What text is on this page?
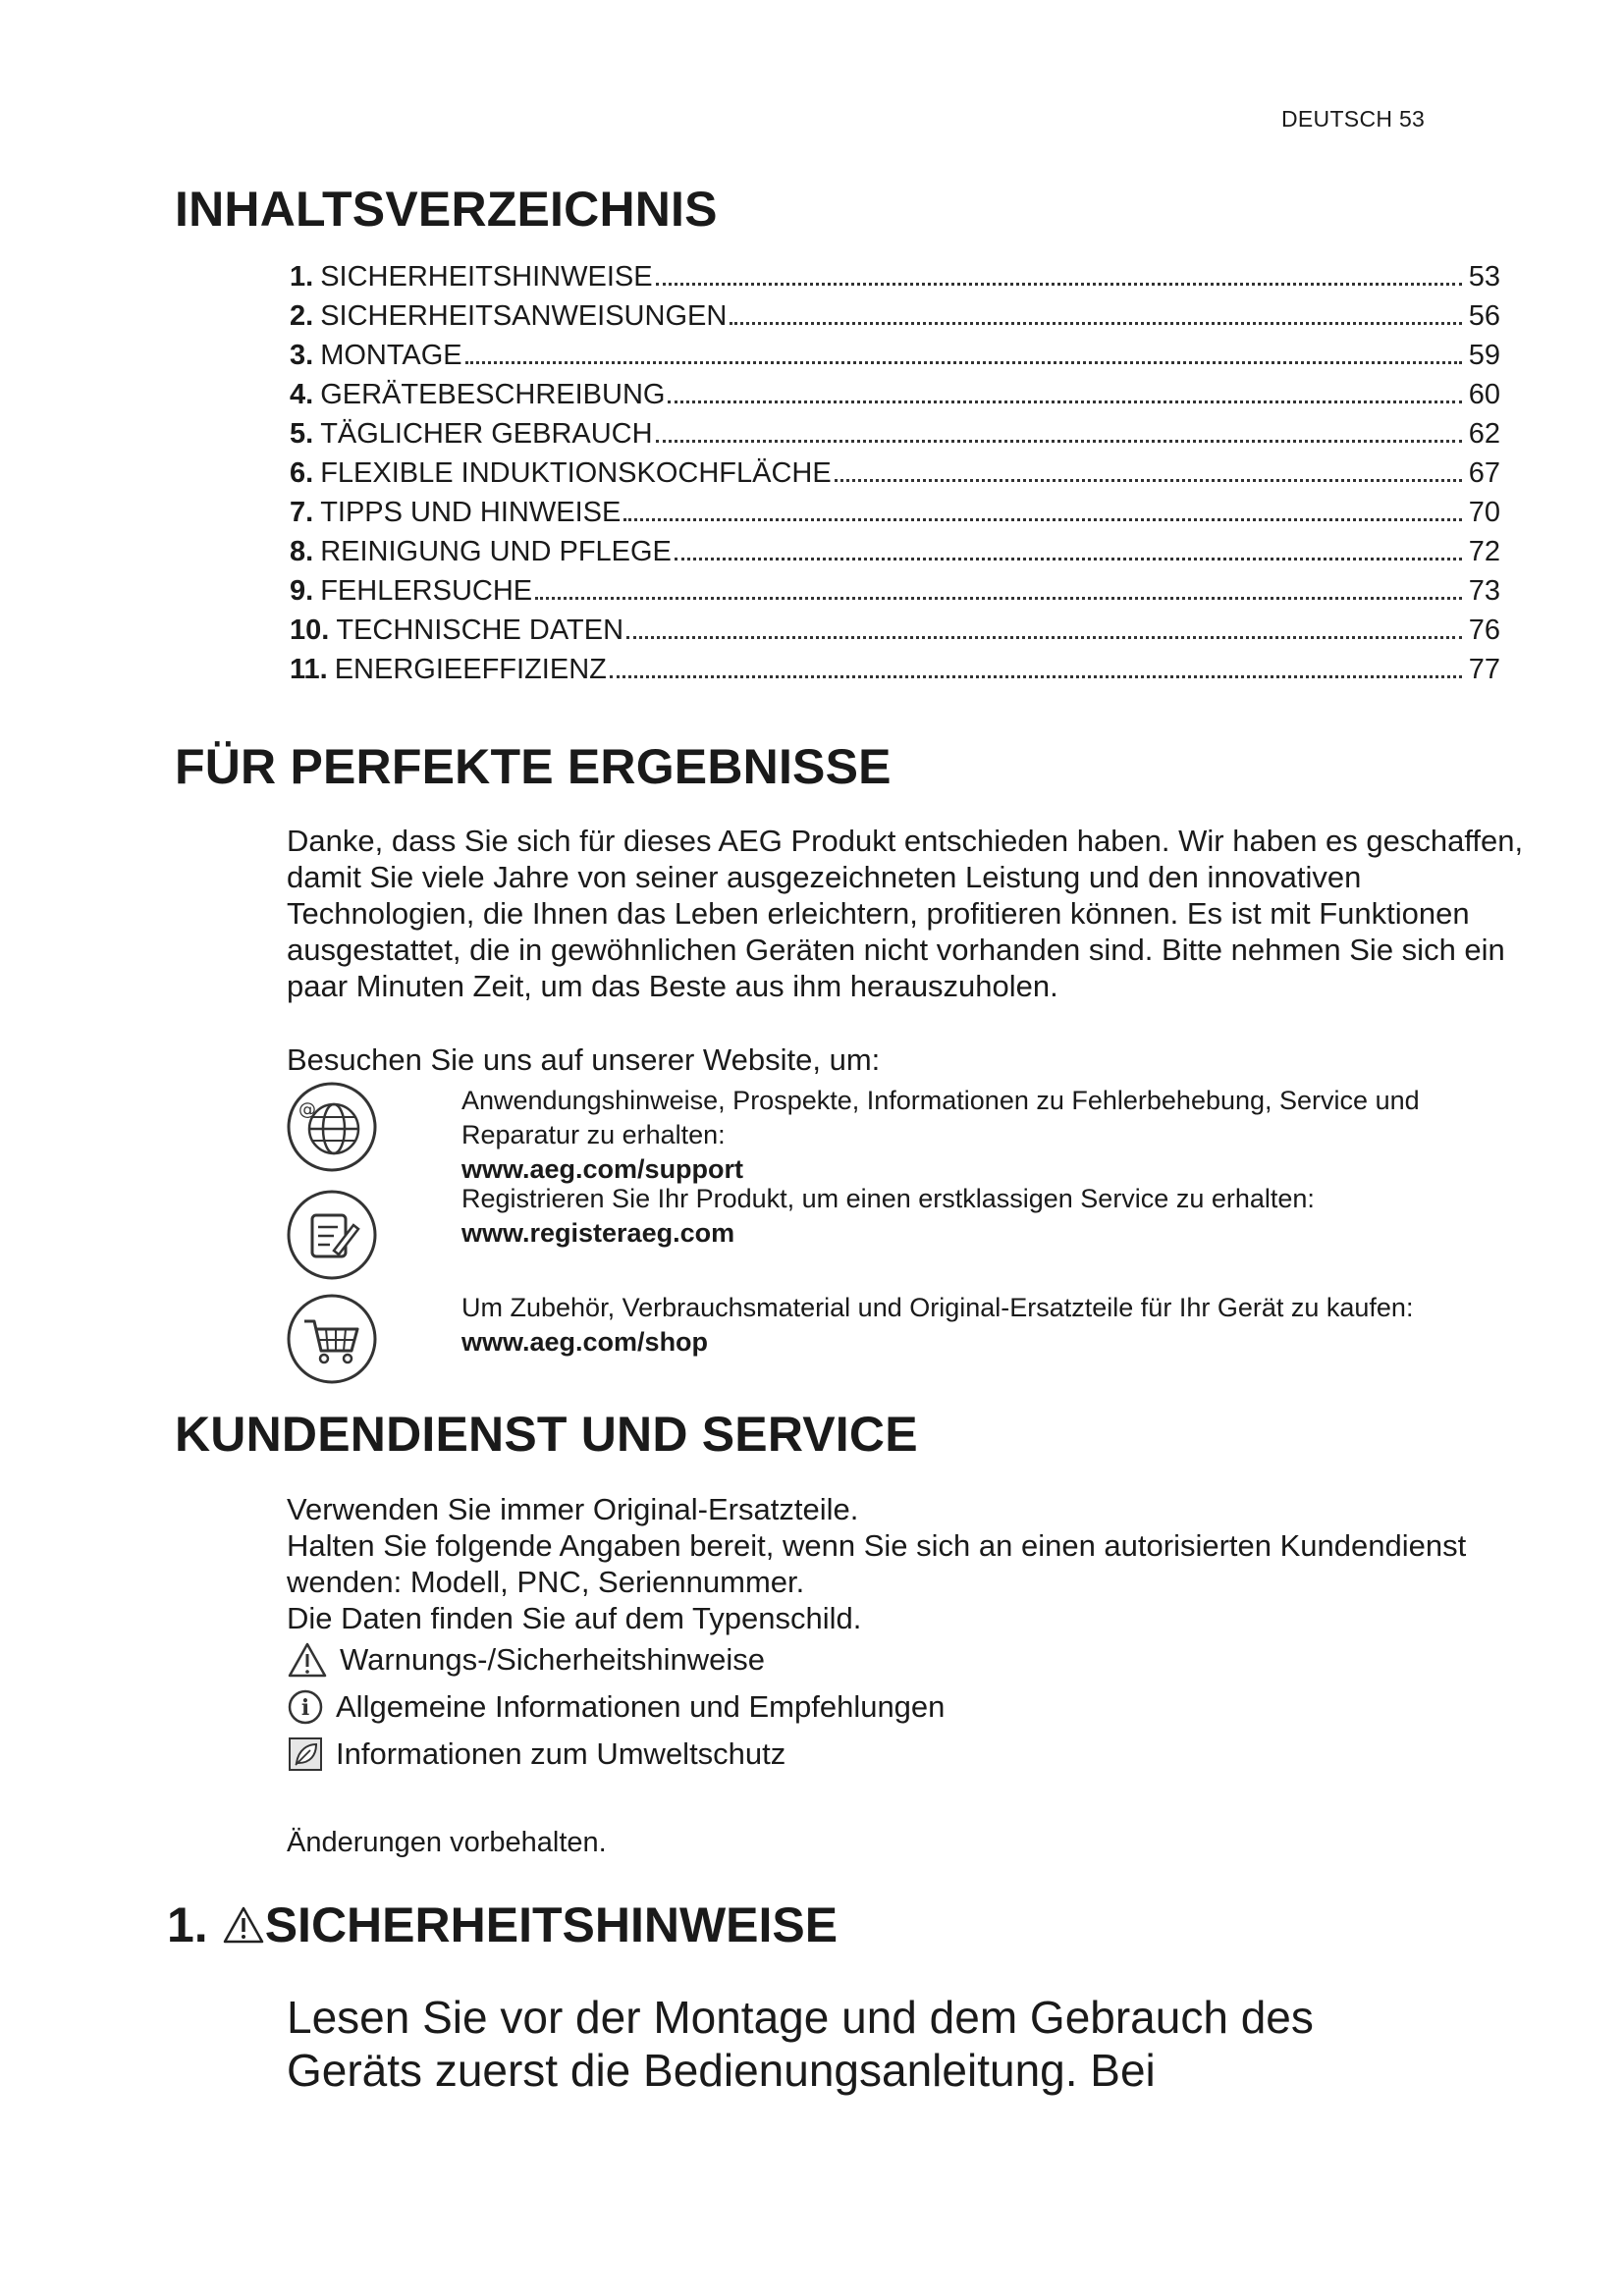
DEUTSCH 53
INHALTSVERZEICHNIS
1. SICHERHEITSHINWEISE	53
2. SICHERHEITSANWEISUNGEN	56
3. MONTAGE	59
4. GERÄTEBESCHREIBUNG	60
5. TÄGLICHER GEBRAUCH	62
6. FLEXIBLE INDUKTIONSKOCHFLÄCHE	67
7. TIPPS UND HINWEISE	70
8. REINIGUNG UND PFLEGE	72
9. FEHLERSUCHE	73
10. TECHNISCHE DATEN	76
11. ENERGIEEFFIZIENZ	77
FÜR PERFEKTE ERGEBNISSE

Danke, dass Sie sich für dieses AEG Produkt entschieden haben. Wir haben es geschaffen, damit Sie viele Jahre von seiner ausgezeichneten Leistung und den innovativen Technologien, die Ihnen das Leben erleichtern, profitieren können. Es ist mit Funktionen ausgestattet, die in gewöhnlichen Geräten nicht vorhanden sind. Bitte nehmen Sie sich ein paar Minuten Zeit, um das Beste aus ihm herauszuholen.

Besuchen Sie uns auf unserer Website, um:

@	Anwendungshinweise, Prospekte, Informationen zu Fehlerbehebung, Service und Reparatur zu erhalten:
www.aeg.com/support
Registrieren Sie Ihr Produkt, um einen erstklassigen Service zu erhalten:
www.registeraeg.com
Um Zubehör, Verbrauchsmaterial und Original-Ersatzteile für Ihr Gerät zu kaufen:
www.aeg.com/shop
KUNDENDIENST UND SERVICE
Verwenden Sie immer Original-Ersatzteile.
Halten Sie folgende Angaben bereit, wenn Sie sich an einen autorisierten Kundendienst wenden: Modell, PNC, Seriennummer.
Die Daten finden Sie auf dem Typenschild.
Warnungs-/Sicherheitshinweise
i Allgemeine Informationen und Empfehlungen
Informationen zum Umweltschutz
Änderungen vorbehalten.
1. SICHERHEITSHINWEISE

Lesen Sie vor der Montage und dem Gebrauch des Geräts zuerst die Bedienungsanleitung. Bei
